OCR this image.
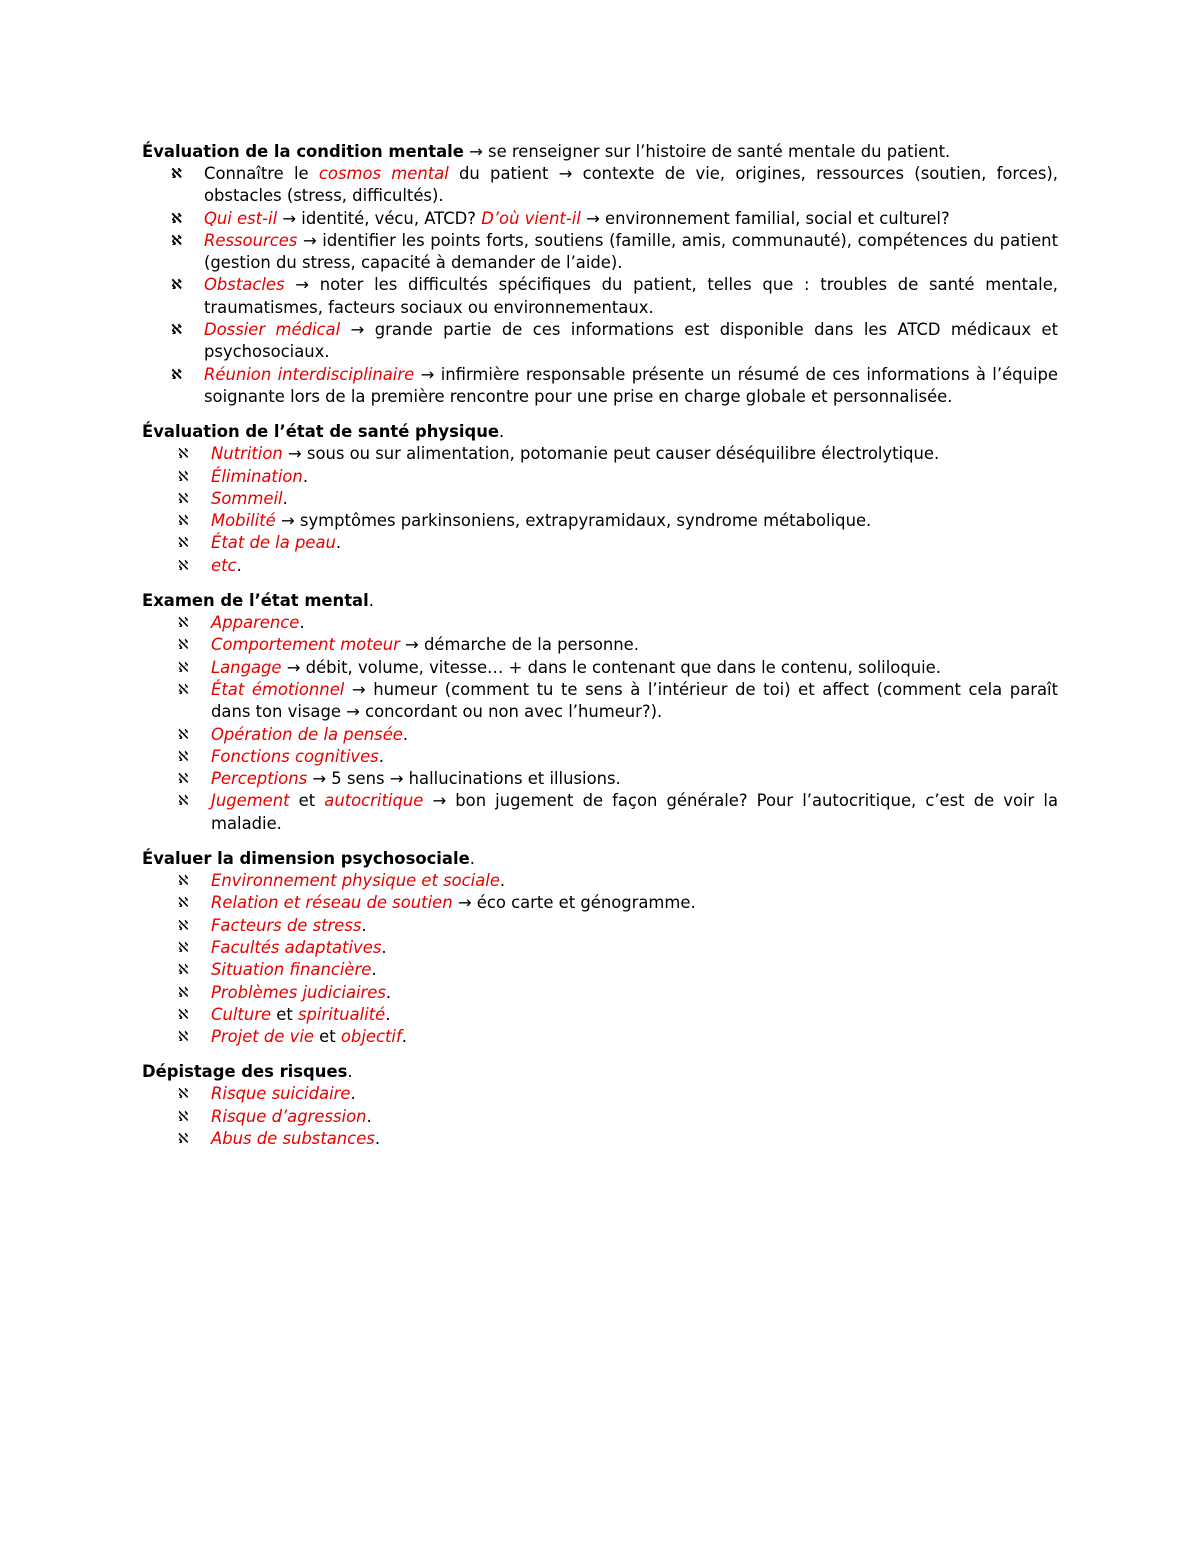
Évaluation de la condition mentale → se renseigner sur l’histoire de santé mentale du patient.

ℵ Connaître le cosmos mental du patient → contexte de vie, origines, ressources (soutien, forces), obstacles (stress, difficultés).
ℵ Qui est-il → identité, vécu, ATCD? D’où vient-il → environnement familial, social et culturel?
ℵ Ressources → identifier les points forts, soutiens (famille, amis, communauté), compétences du patient (gestion du stress, capacité à demander de l’aide).
ℵ Obstacles → noter les difficultés spécifiques du patient, telles que : troubles de santé mentale, traumatismes, facteurs sociaux ou environnementaux.
ℵ Dossier médical → grande partie de ces informations est disponible dans les ATCD médicaux et psychosociaux.
ℵ Réunion interdisciplinaire → infirmière responsable présente un résumé de ces informations à l’équipe soignante lors de la première rencontre pour une prise en charge globale et personnalisée.

Évaluation de l’état de santé physique.

ℵ Nutrition → sous ou sur alimentation, potomanie peut causer déséquilibre électrolytique.
ℵ Élimination.
ℵ Sommeil.
ℵ Mobilité → symptômes parkinsoniens, extrapyramidaux, syndrome métabolique.
ℵ État de la peau.
ℵ etc.

Examen de l’état mental.

ℵ Apparence.
ℵ Comportement moteur → démarche de la personne.
ℵ Langage → débit, volume, vitesse… + dans le contenant que dans le contenu, soliloquie.
ℵ État émotionnel → humeur (comment tu te sens à l’intérieur de toi) et affect (comment cela paraît dans ton visage → concordant ou non avec l’humeur?).
ℵ Opération de la pensée.
ℵ Fonctions cognitives.
ℵ Perceptions → 5 sens → hallucinations et illusions.
ℵ Jugement et autocritique → bon jugement de façon générale? Pour l’autocritique, c’est de voir la maladie.

Évaluer la dimension psychosociale.

ℵ Environnement physique et sociale.
ℵ Relation et réseau de soutien → éco carte et génogramme.
ℵ Facteurs de stress.
ℵ Facultés adaptatives.
ℵ Situation financière.
ℵ Problèmes judiciaires.
ℵ Culture et spiritualité.
ℵ Projet de vie et objectif.

Dépistage des risques.

ℵ Risque suicidaire.
ℵ Risque d’agression.
ℵ Abus de substances.
